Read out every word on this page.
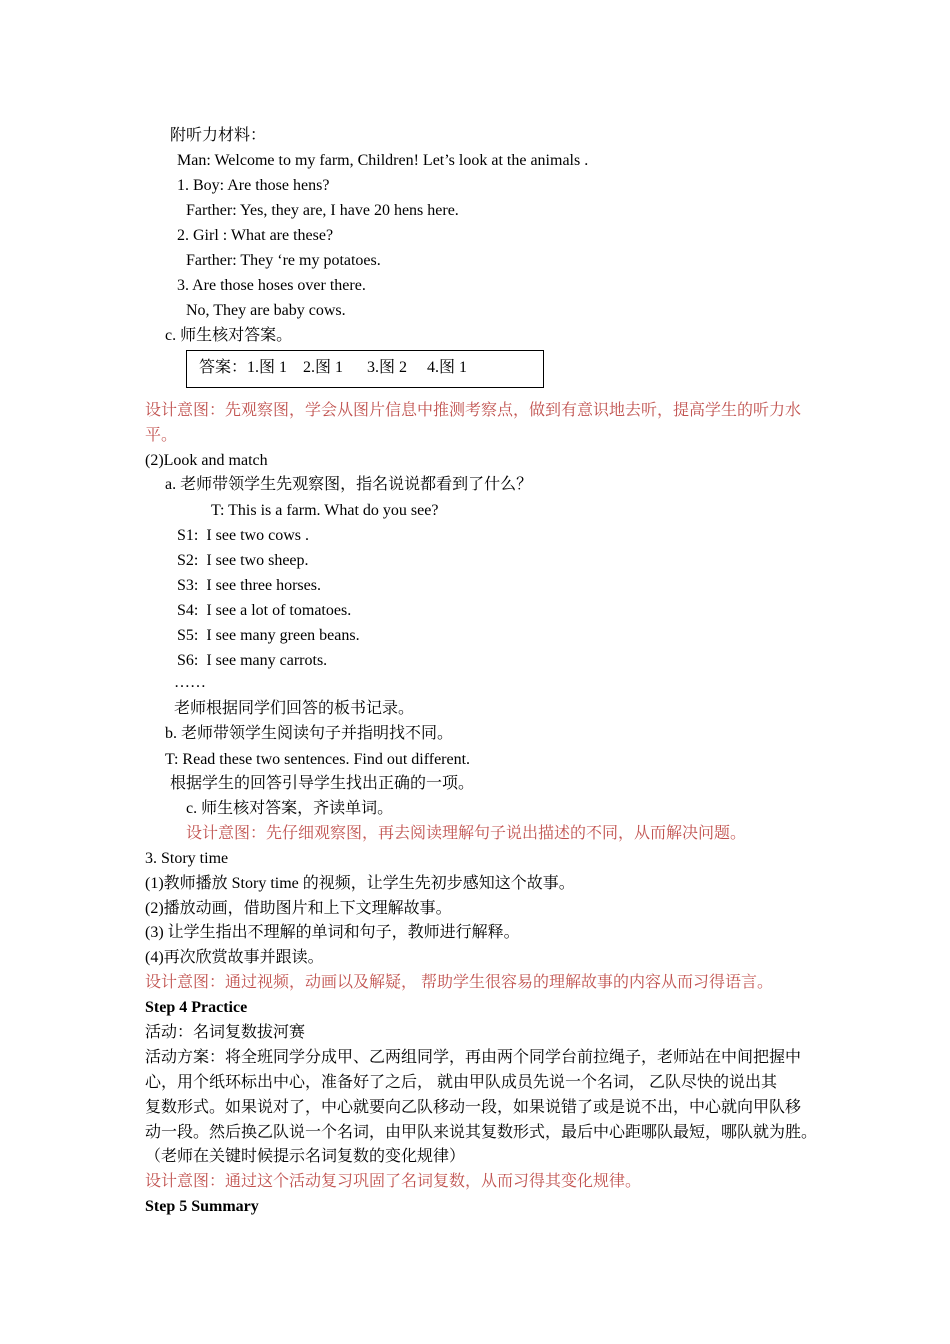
附听力材料：
Man: Welcome to my farm, Children! Let’s look at the animals .
1. Boy: Are those hens?
Farther: Yes, they are, I have 20 hens here.
2. Girl : What are these?
Farther: They ‘re my potatoes.
3. Are those hoses over there.
No, They are baby cows.
c. 师生核对答案。
答案：1.图 1    2.图 1      3.图 2     4.图 1
设计意图：先观察图，学会从图片信息中推测考察点，做到有意识地去听，提高学生的听力水
平。
(2)Look and match
a. 老师带领学生先观察图，指名说说都看到了什么？
T: This is a farm. What do you see?
S1:  I see two cows .
S2:  I see two sheep.
S3:  I see three horses.
S4:  I see a lot of tomatoes.
S5:  I see many green beans.
S6:  I see many carrots.
……
老师根据同学们回答的板书记录。
b. 老师带领学生阅读句子并指明找不同。
T: Read these two sentences. Find out different.
根据学生的回答引导学生找出正确的一项。
c. 师生核对答案，齐读单词。
设计意图：先仔细观察图，再去阅读理解句子说出描述的不同，从而解决问题。
3. Story time
(1)教师播放 Story time 的视频，让学生先初步感知这个故事。
(2)播放动画，借助图片和上下文理解故事。
(3) 让学生指出不理解的单词和句子，教师进行解释。
(4)再次欣赏故事并跟读。
设计意图：通过视频，动画以及解疑， 帮助学生很容易的理解故事的内容从而习得语言。
Step 4 Practice
活动：名词复数拔河赛
活动方案：将全班同学分成甲、乙两组同学，再由两个同学台前拉绳子，老师站在中间把握中
心，用个纸环标出中心，准备好了之后， 就由甲队成员先说一个名词， 乙队尽快的说出其
复数形式。如果说对了，中心就要向乙队移动一段，如果说错了或是说不出，中心就向甲队移
动一段。然后换乙队说一个名词，由甲队来说其复数形式，最后中心距哪队最短，哪队就为胜。
（老师在关键时候提示名词复数的变化规律）
设计意图：通过这个活动复习巩固了名词复数，从而习得其变化规律。
Step 5 Summary
